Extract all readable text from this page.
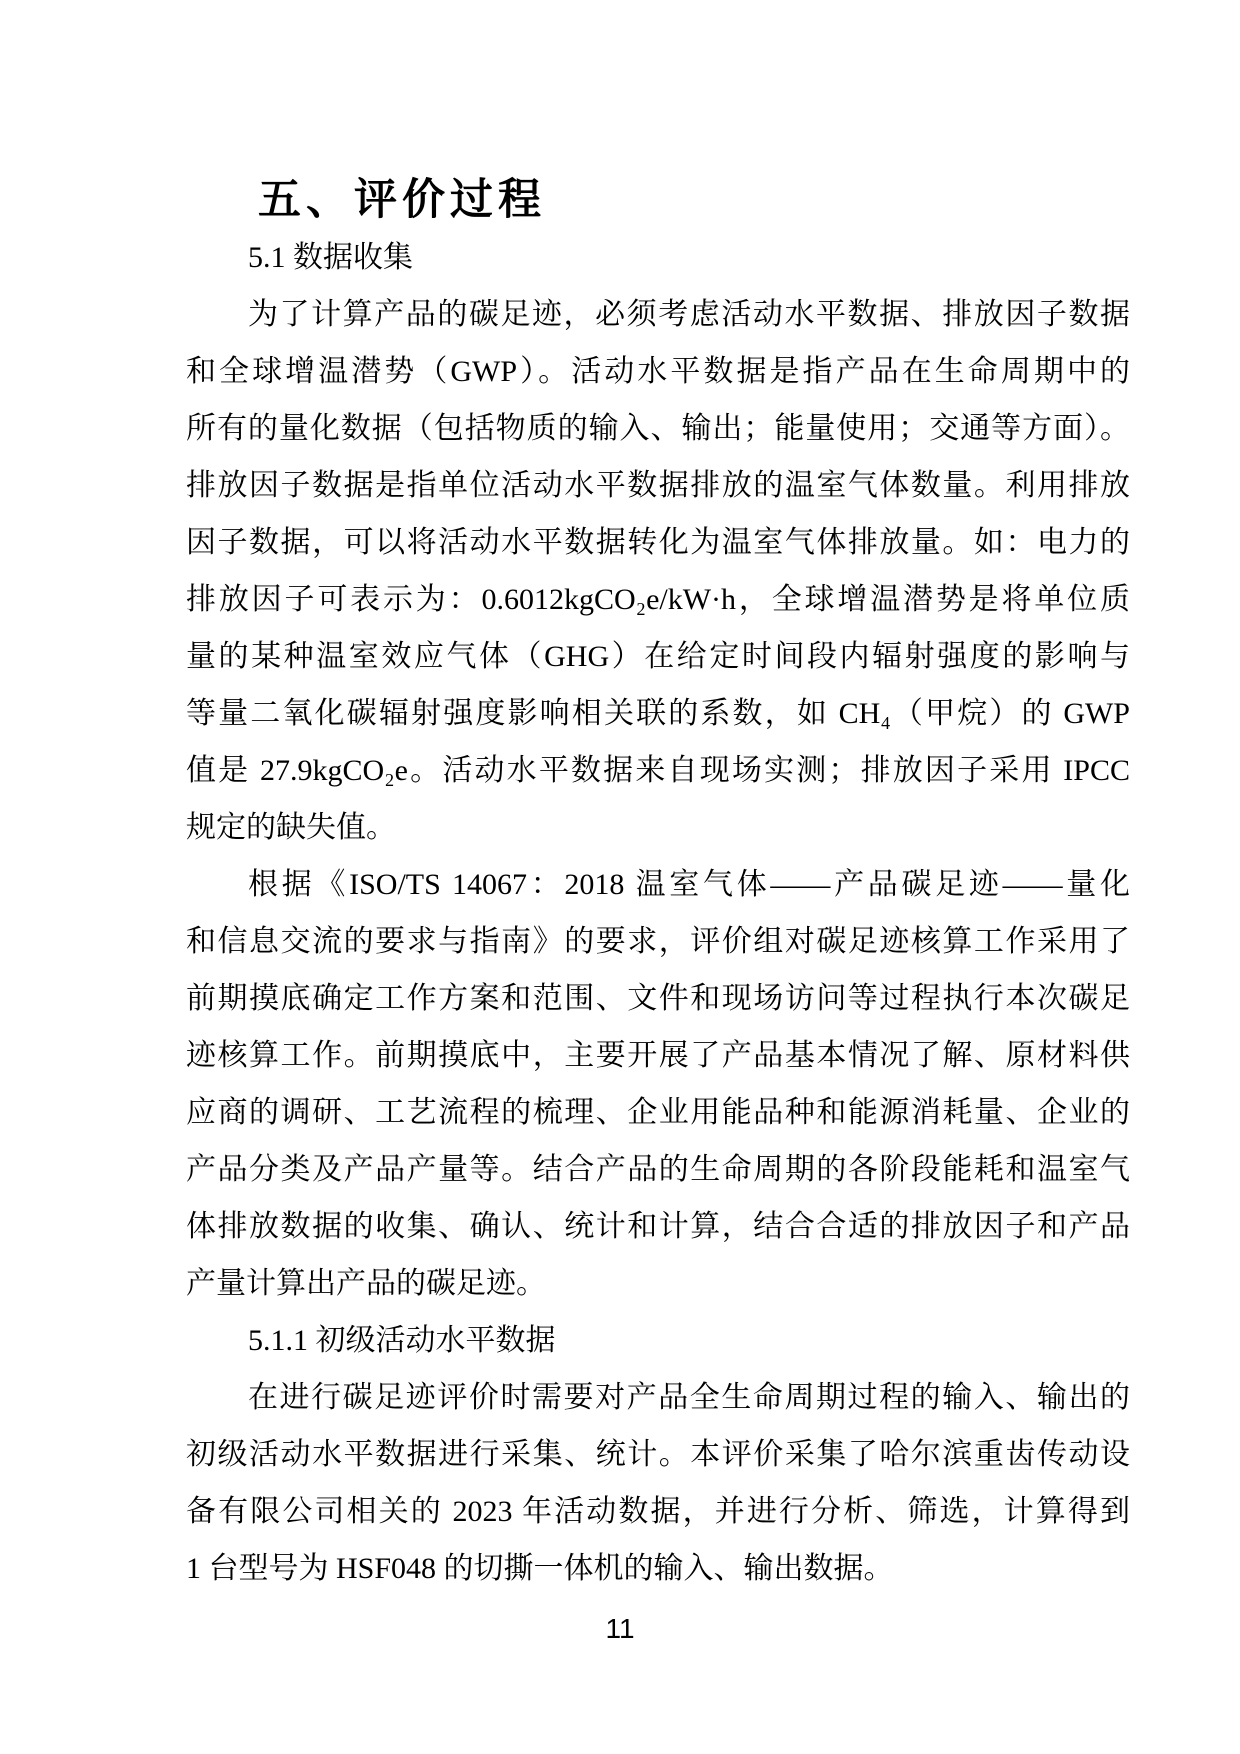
五、评价过程
5.1 数据收集
为了计算产品的碳足迹，必须考虑活动水平数据、排放因子数据
和全球增温潜势（GWP）。活动水平数据是指产品在生命周期中的
所有的量化数据（包括物质的输入、输出；能量使用；交通等方面）。
排放因子数据是指单位活动水平数据排放的温室气体数量。利用排放
因子数据，可以将活动水平数据转化为温室气体排放量。如：电力的
排放因子可表示为：0.6012kgCO₂e/kW·h，全球增温潜势是将单位质
量的某种温室效应气体（GHG）在给定时间段内辐射强度的影响与
等量二氧化碳辐射强度影响相关联的系数，如 CH₄（甲烷）的 GWP
值是 27.9kgCO₂e。活动水平数据来自现场实测；排放因子采用 IPCC
规定的缺失值。
根据《ISO/TS 14067：2018 温室气体——产品碳足迹——量化
和信息交流的要求与指南》的要求，评价组对碳足迹核算工作采用了
前期摸底确定工作方案和范围、文件和现场访问等过程执行本次碳足
迹核算工作。前期摸底中，主要开展了产品基本情况了解、原材料供
应商的调研、工艺流程的梳理、企业用能品种和能源消耗量、企业的
产品分类及产品产量等。结合产品的生命周期的各阶段能耗和温室气
体排放数据的收集、确认、统计和计算，结合合适的排放因子和产品
产量计算出产品的碳足迹。
5.1.1 初级活动水平数据
在进行碳足迹评价时需要对产品全生命周期过程的输入、输出的
初级活动水平数据进行采集、统计。本评价采集了哈尔滨重齿传动设
备有限公司相关的 2023 年活动数据，并进行分析、筛选，计算得到
1 台型号为 HSF048 的切撕一体机的输入、输出数据。
11
